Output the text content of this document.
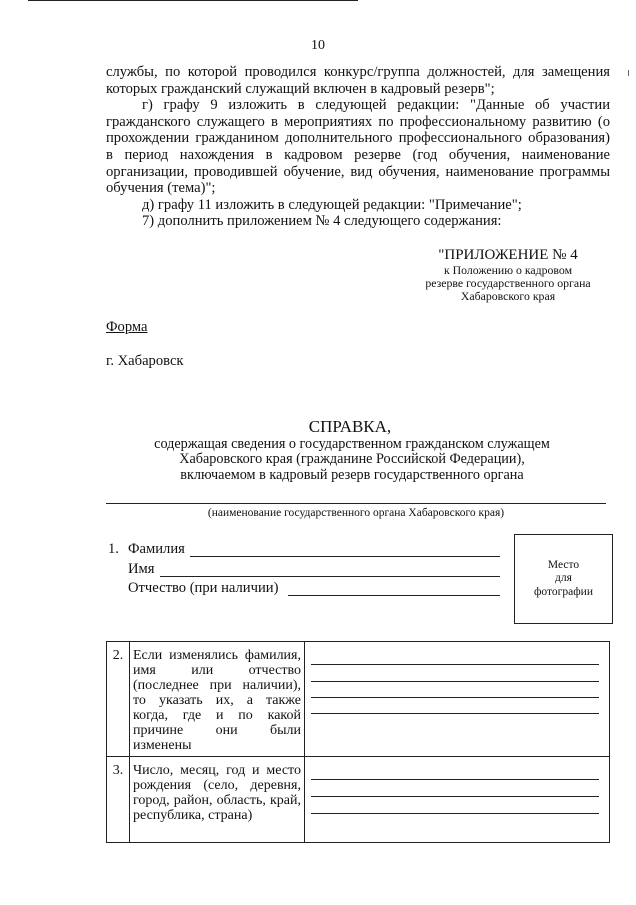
10

службы, по которой проводился конкурс/группа должностей, для замещения которых гражданский служащий включен в кадровый резерв";

г) графу 9 изложить в следующей редакции: "Данные об участии гражданского служащего в мероприятиях по профессиональному развитию (о прохождении гражданином дополнительного профессионального образования) в период нахождения в кадровом резерве (год обучения, наименование организации, проводившей обучение, вид обучения, наименование программы обучения (тема)";

д) графу 11 изложить в следующей редакции: "Примечание";

7) дополнить приложением № 4 следующего содержания:

"ПРИЛОЖЕНИЕ № 4
к Положению о кадровом
резерве государственного органа
Хабаровского края
Форма
г. Хабаровск
СПРАВКА,
содержащая сведения о государственном гражданском служащем
Хабаровского края (гражданине Российской Федерации),
включаемом в кадровый резерв государственного органа
(наименование государственного органа Хабаровского края)
1. Фамилия
Имя
Отчество (при наличии)
Место
для
фотографии
2.	Если изменялись фамилия, имя или отчество (последнее при наличии), то указать их, а также когда, где и по какой причине они были изменены	

3.	Число, месяц, год и место рождения (село, деревня, город, район, область, край, республика, страна)	
